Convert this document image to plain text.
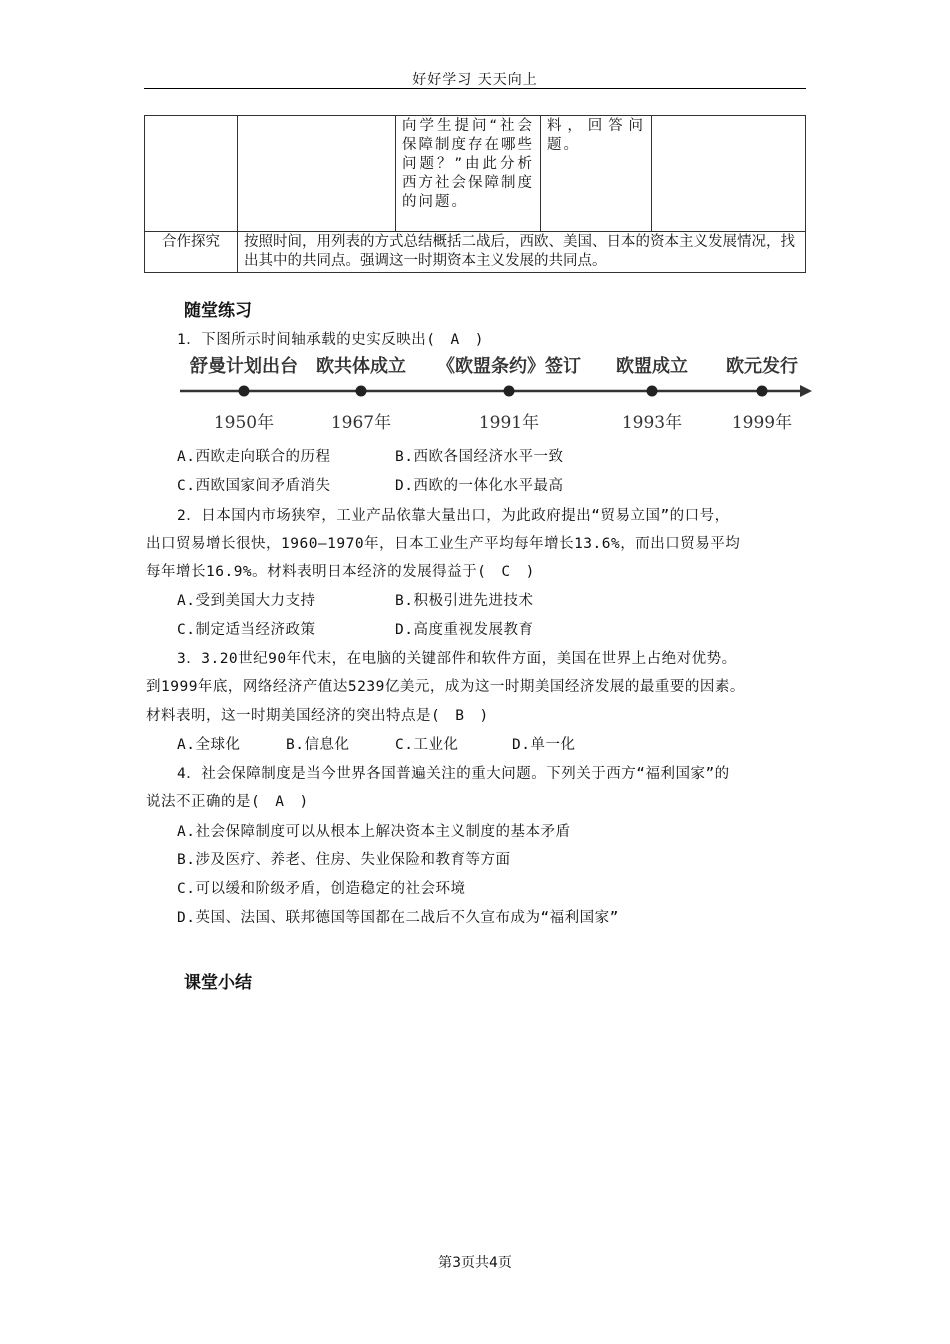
好好学习 天天向上
		向学生提问“社会保障制度存在哪些问题？”由此分析西方社会保障制度的问题。	料，回答问题。	
合作探究	按照时间，用列表的方式总结概括二战后，西欧、美国、日本的资本主义发展情况，找出其中的共同点。强调这一时期资本主义发展的共同点。			
随堂练习
1．下图所示时间轴承载的史实反映出(　A　)
舒曼计划出台 欧共体成立 《欧盟条约》签订 欧盟成立 欧元发行
1950年	1967年	1991年	1993年	1999年
A.西欧走向联合的历程	B.西欧各国经济水平一致
C.西欧国家间矛盾消失	D.西欧的一体化水平最高
2．日本国内市场狭窄，工业产品依靠大量出口，为此政府提出“贸易立国”的口号，
出口贸易增长很快，1960—1970年，日本工业生产平均每年增长13.6%，而出口贸易平均
每年增长16.9%。材料表明日本经济的发展得益于(　C　)
A.受到美国大力支持	B.积极引进先进技术
C.制定适当经济政策	D.高度重视发展教育
3．3.20世纪90年代末，在电脑的关键部件和软件方面，美国在世界上占绝对优势。
到1999年底，网络经济产值达5239亿美元，成为这一时期美国经济发展的最重要的因素。
材料表明，这一时期美国经济的突出特点是(　B　)
A.全球化	B.信息化	C.工业化	D.单一化
4．社会保障制度是当今世界各国普遍关注的重大问题。下列关于西方“福利国家”的
说法不正确的是(　A　)
A.社会保障制度可以从根本上解决资本主义制度的基本矛盾
B.涉及医疗、养老、住房、失业保险和教育等方面
C.可以缓和阶级矛盾，创造稳定的社会环境
D.英国、法国、联邦德国等国都在二战后不久宣布成为“福利国家”
课堂小结
第3页共4页
